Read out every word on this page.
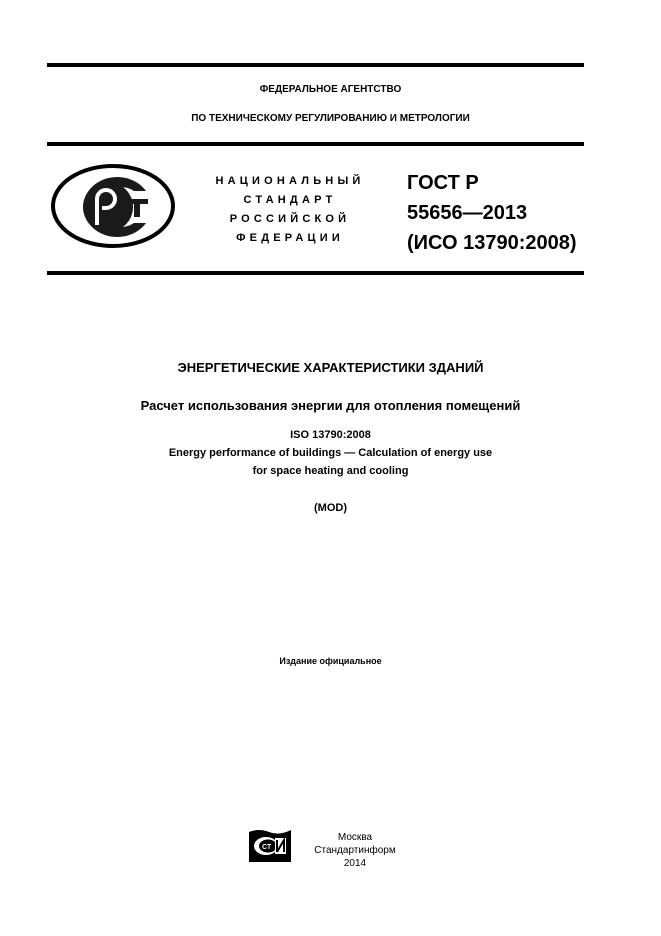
ФЕДЕРАЛЬНОЕ АГЕНТСТВО
ПО ТЕХНИЧЕСКОМУ РЕГУЛИРОВАНИЮ И МЕТРОЛОГИИ
НАЦИОНАЛЬНЫЙ
СТАНДАРТ
РОССИЙСКОЙ
ФЕДЕРАЦИИ
ГОСТ Р
55656—2013
(ИСО 13790:2008)
ЭНЕРГЕТИЧЕСКИЕ ХАРАКТЕРИСТИКИ ЗДАНИЙ
Расчет использования энергии для отопления помещений
ISO 13790:2008
Energy performance of buildings — Calculation of energy use
for space heating and cooling
(MOD)
Издание официальное
СТ
Москва
Стандартинформ
2014
